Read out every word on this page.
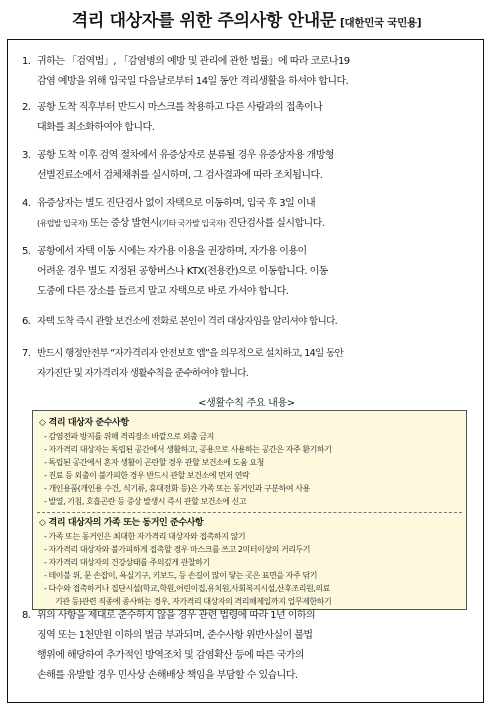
격리 대상자를 위한 주의사항 안내문 [대한민국 국민용]
1. 귀하는 「검역법」, 「감염병의 예방 및 관리에 관한 법률」에 따라 코로나19
감염 예방을 위해 입국일 다음날로부터 14일 동안 격리생활을 하셔야 합니다.
2. 공항 도착 직후부터 반드시 마스크를 착용하고 다른 사람과의 접촉이나
대화를 최소화하여야 합니다.
3. 공항 도착 이후 검역 절차에서 유증상자로 분류될 경우 유증상자용 개방형
선별진료소에서 검체채취를 실시하며, 그 검사결과에 따라 조치됩니다.
4. 유증상자는 별도 진단검사 없이 자택으로 이동하며, 입국 후 3일 이내
(유럽발 입국자) 또는 증상 발현시(기타 국가발 입국자) 진단검사를 실시합니다.
5. 공항에서 자택 이동 시에는 자가용 이용을 권장하며, 자가용 이용이
어려운 경우 별도 지정된 공항버스나 KTX(전용칸)으로 이동합니다. 이동
도중에 다른 장소를 들르지 말고 자택으로 바로 가셔야 합니다.
6. 자택 도착 즉시 관할 보건소에 전화로 본인이 격리 대상자임을 알리셔야 합니다.
7. 반드시 행정안전부 “자가격리자 안전보호 앱”을 의무적으로 설치하고, 14일 동안
자가진단 및 자가격리자 생활수칙을 준수하여야 합니다.
<생활수칙 주요 내용>
◇ 격리 대상자 준수사항
- 감염전파 방지를 위해 격리장소 바깥으로 외출 금지
- 자가격리 대상자는 독립된 공간에서 생활하고, 공용으로 사용하는 공간은 자주 환기하기
- 독립된 공간에서 혼자 생활이 곤란할 경우 관할 보건소에 도움 요청
- 진료 등 외출이 불가피한 경우 반드시 관할 보건소에 먼저 연락
- 개인용품(개인용 수건, 식기류, 휴대전화 등)은 가족 또는 동거인과 구분하여 사용
- 발열, 기침, 호흡곤란 등 증상 발생시 즉시 관할 보건소에 신고
◇ 격리 대상자의 가족 또는 동거인 준수사항
- 가족 또는 동거인은 최대한 자가격리 대상자와 접촉하지 않기
- 자가격리 대상자와 불가피하게 접촉할 경우 마스크를 쓰고 2미터이상의 거리두기
- 자가격리 대상자의 건강상태를 주의깊게 관찰하기
- 테이블 위, 문 손잡이, 욕실기구, 키보드, 등 손길이 많이 닿는 곳은 표면을 자주 닦기
- 다수와 접촉하거나 집단시설(학교,학원,어린이집,유치원,사회복지시설,산후조리원,의료
기관 등)관련 직종에 종사하는 경우, 자가격리 대상자의 격리해제일까지 업무제한하기
8. 위의 사항을 제대로 준수하지 않을 경우 관련 법령에 따라 1년 이하의
징역 또는 1천만원 이하의 벌금 부과되며, 준수사항 위반사실이 불법
행위에 해당하여 추가적인 방역조치 및 감염확산 등에 따른 국가의
손해를 유발할 경우 민사상 손해배상 책임을 부담할 수 있습니다.
